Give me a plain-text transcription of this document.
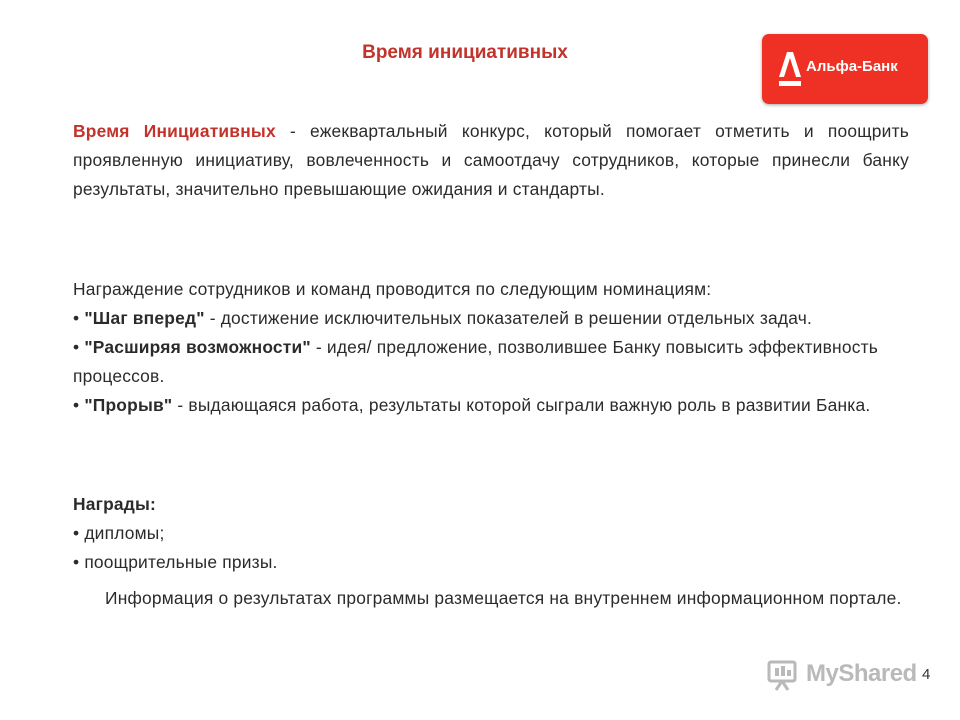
Время инициативных
Альфа-Банк
Время Инициативных - ежеквартальный конкурс, который помогает отметить и поощрить проявленную инициативу, вовлеченность и самоотдачу сотрудников, которые принесли банку результаты, значительно превышающие ожидания и стандарты.
Награждение сотрудников и команд проводится по следующим номинациям:
• "Шаг вперед" - достижение исключительных показателей в решении отдельных задач.
• "Расширяя возможности" - идея/ предложение, позволившее Банку повысить эффективность процессов.
• "Прорыв" - выдающаяся работа, результаты которой сыграли важную роль в развитии Банка.
Награды:
• дипломы;
• поощрительные призы.
Информация о результатах программы размещается на внутреннем информационном портале.
MyShared 4
